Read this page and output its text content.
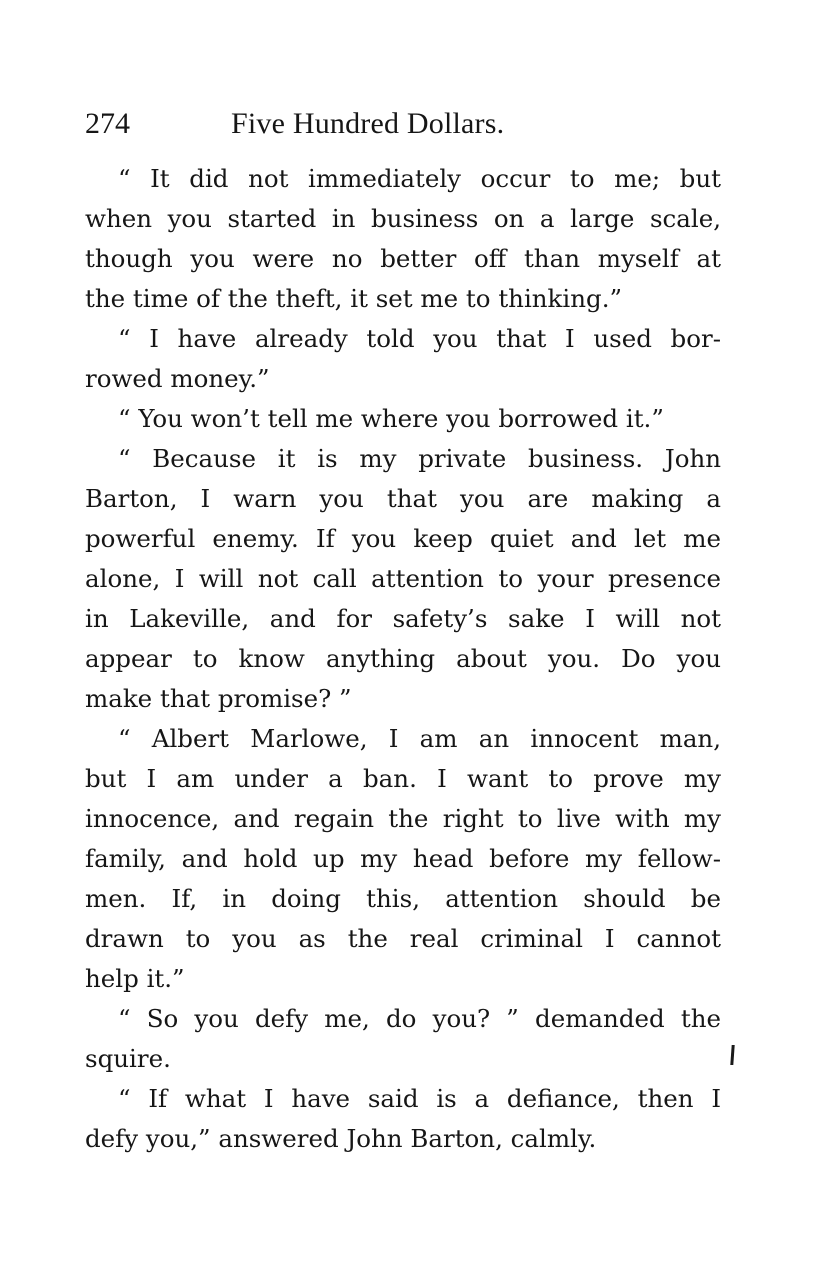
274	Five Hundred Dollars.
“ It did not immediately occur to me; but
when you started in business on a large scale,
though you were no better off than myself at
the time of the theft, it set me to thinking.”
“ I have already told you that I used bor-
rowed money.”
“ You won’t tell me where you borrowed it.”
“ Because it is my private business. John
Barton, I warn you that you are making a
powerful enemy. If you keep quiet and let me
alone, I will not call attention to your presence
in Lakeville, and for safety’s sake I will not
appear to know anything about you. Do you
make that promise? ”
“ Albert Marlowe, I am an innocent man,
but I am under a ban. I want to prove my
innocence, and regain the right to live with my
family, and hold up my head before my fellow-
men. If, in doing this, attention should be
drawn to you as the real criminal I cannot
help it.”
“ So you defy me, do you? ” demanded the
squire.
“ If what I have said is a defiance, then I
defy you,” answered John Barton, calmly.
